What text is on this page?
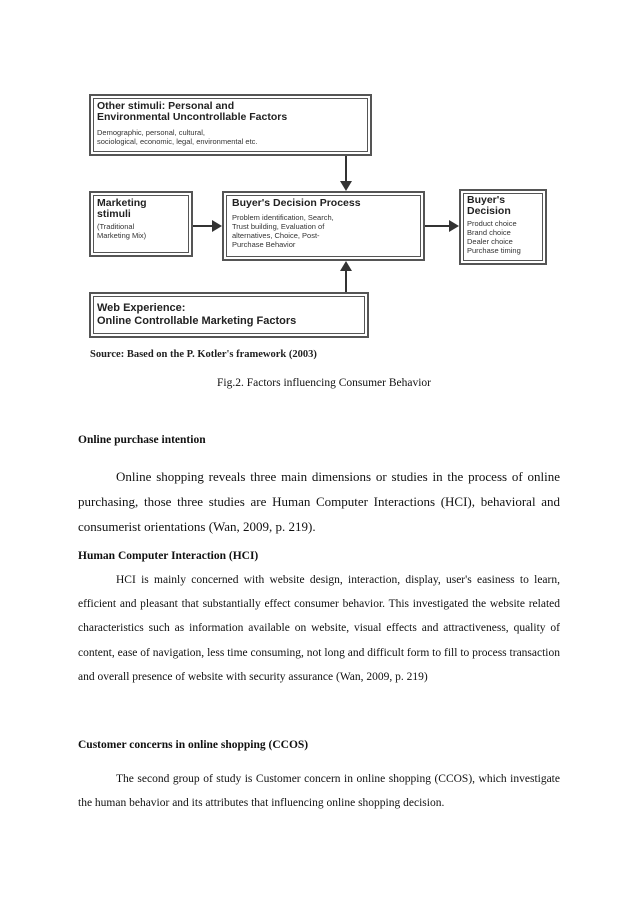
Other stimuli: Personal and
Environmental Uncontrollable Factors
Demographic, personal, cultural,
sociological, economic, legal, environmental etc.
Marketing
stimuli
(Traditional
Marketing Mix)
Buyer's Decision Process
Problem identification, Search,
Trust building, Evaluation of
alternatives, Choice, Post-
Purchase Behavior
Buyer's
Decision
Product choice
Brand choice
Dealer choice
Purchase timing
Web Experience:
Online Controllable Marketing Factors
Source: Based on the P. Kotler's framework (2003)
Fig.2. Factors influencing Consumer Behavior
Online purchase intention

Online shopping reveals three main dimensions or studies in the process of online purchasing, those three studies are Human Computer Interactions (HCI), behavioral and consumerist orientations (Wan, 2009, p. 219).

Human Computer Interaction (HCI)

HCI is mainly concerned with website design, interaction, display, user's easiness to learn, efficient and pleasant that substantially effect consumer behavior. This investigated the website related characteristics such as information available on website, visual effects and attractiveness, quality of content, ease of navigation, less time consuming, not long and difficult form to fill to process transaction and overall presence of website with security assurance (Wan, 2009, p. 219)

Customer concerns in online shopping (CCOS)

The second group of study is Customer concern in online shopping (CCOS), which investigate the human behavior and its attributes that influencing online shopping decision.
